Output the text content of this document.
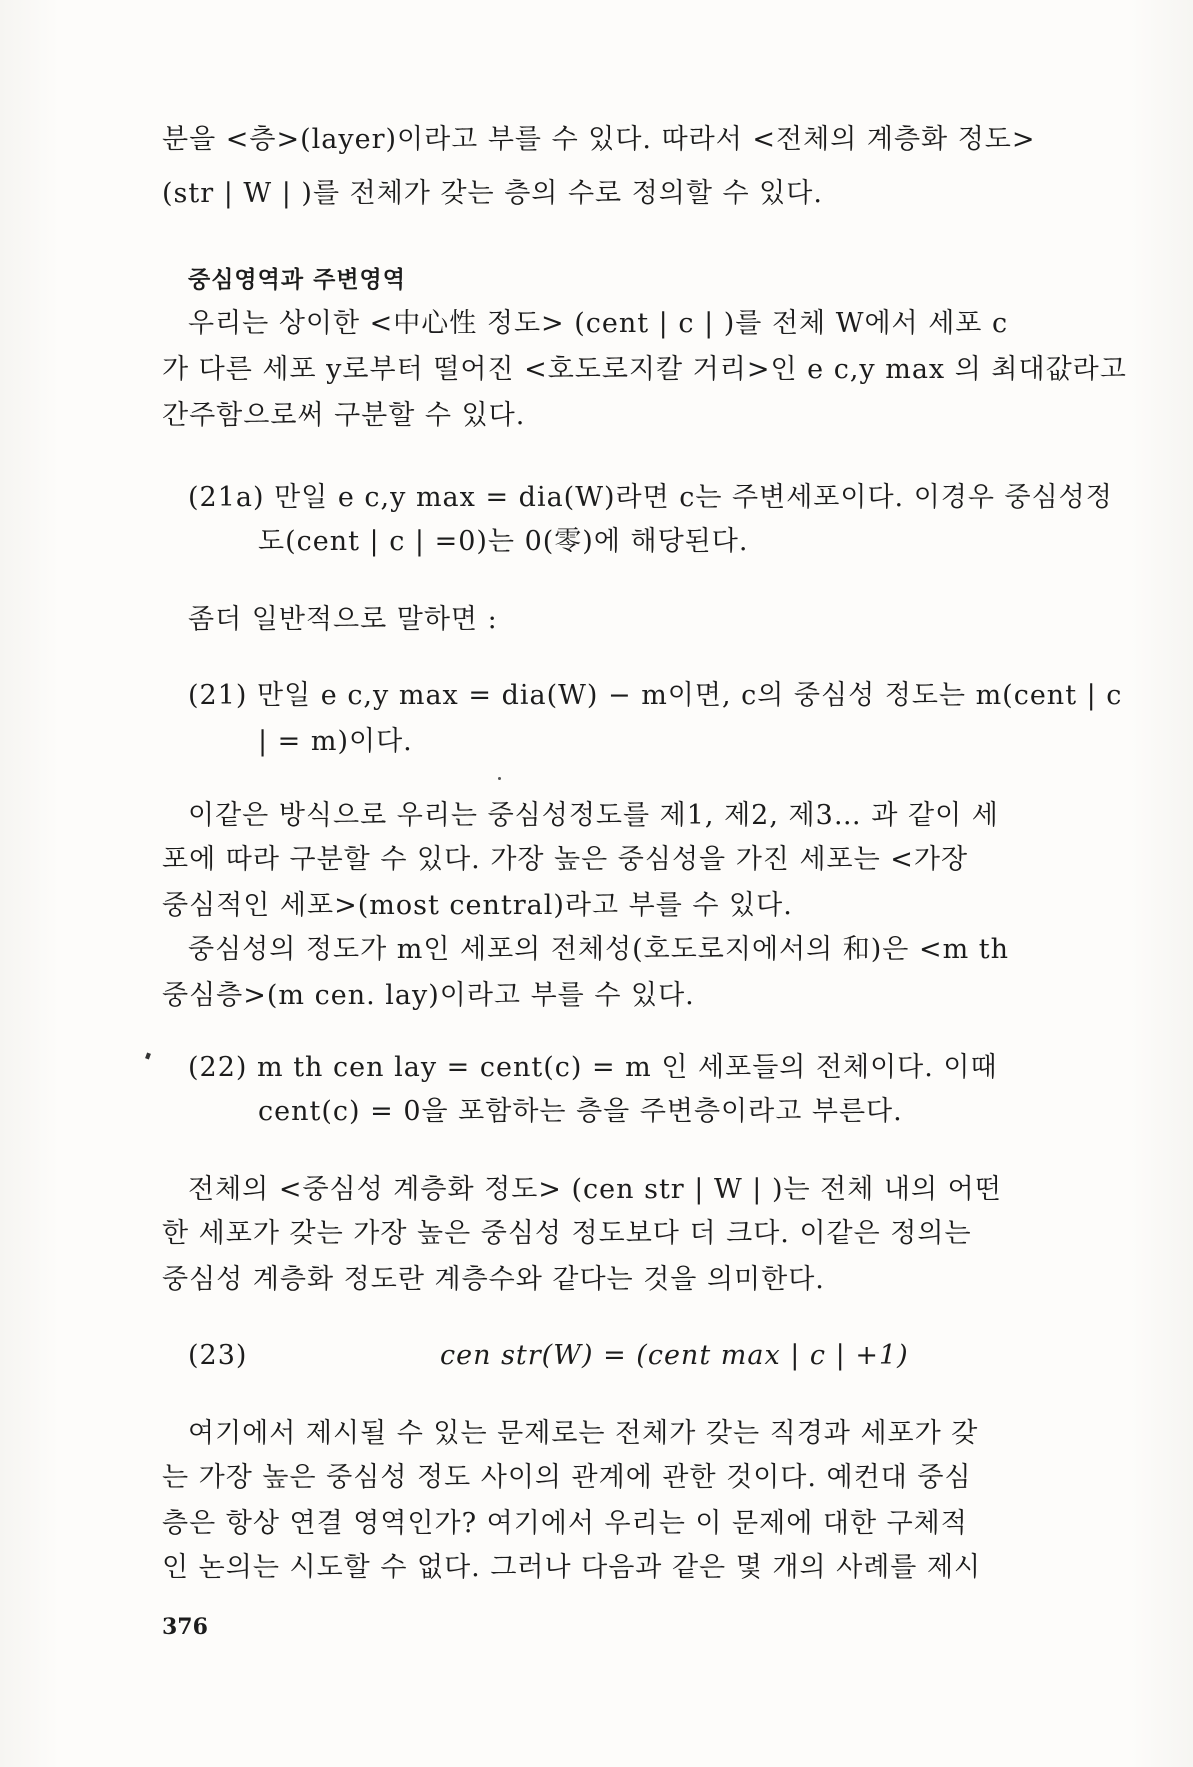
분을 <층>(layer)이라고 부를 수 있다. 따라서 <전체의 계층화 정도>
(str | W | )를 전체가 갖는 층의 수로 정의할 수 있다.
중심영역과 주변영역
우리는 상이한 <中心性 정도> (cent | c | )를 전체 W에서 세포 c
가 다른 세포 y로부터 떨어진 <호도로지칼 거리>인 e c,y max 의 최대값라고
간주함으로써 구분할 수 있다.
(21a) 만일 e c,y max = dia(W)라면 c는 주변세포이다. 이경우 중심성정
도(cent | c | =0)는 0(零)에 해당된다.
좀더 일반적으로 말하면 :
(21) 만일 e c,y max = dia(W) − m이면, c의 중심성 정도는 m(cent | c
| = m)이다.
이같은 방식으로 우리는 중심성정도를 제1, 제2, 제3… 과 같이 세
포에 따라 구분할 수 있다. 가장 높은 중심성을 가진 세포는 <가장
중심적인 세포>(most central)라고 부를 수 있다.
중심성의 정도가 m인 세포의 전체성(호도로지에서의 和)은 <m th
중심층>(m cen. lay)이라고 부를 수 있다.
(22) m th cen lay = cent(c) = m 인 세포들의 전체이다. 이때
cent(c) = 0을 포함하는 층을 주변층이라고 부른다.
전체의 <중심성 계층화 정도> (cen str | W | )는 전체 내의 어떤
한 세포가 갖는 가장 높은 중심성 정도보다 더 크다. 이같은 정의는
중심성 계층화 정도란 계층수와 같다는 것을 의미한다.
(23)	cen str(W) = (cent max | c | +1)
여기에서 제시될 수 있는 문제로는 전체가 갖는 직경과 세포가 갖
는 가장 높은 중심성 정도 사이의 관계에 관한 것이다. 예컨대 중심
층은 항상 연결 영역인가? 여기에서 우리는 이 문제에 대한 구체적
인 논의는 시도할 수 없다. 그러나 다음과 같은 몇 개의 사례를 제시
376
